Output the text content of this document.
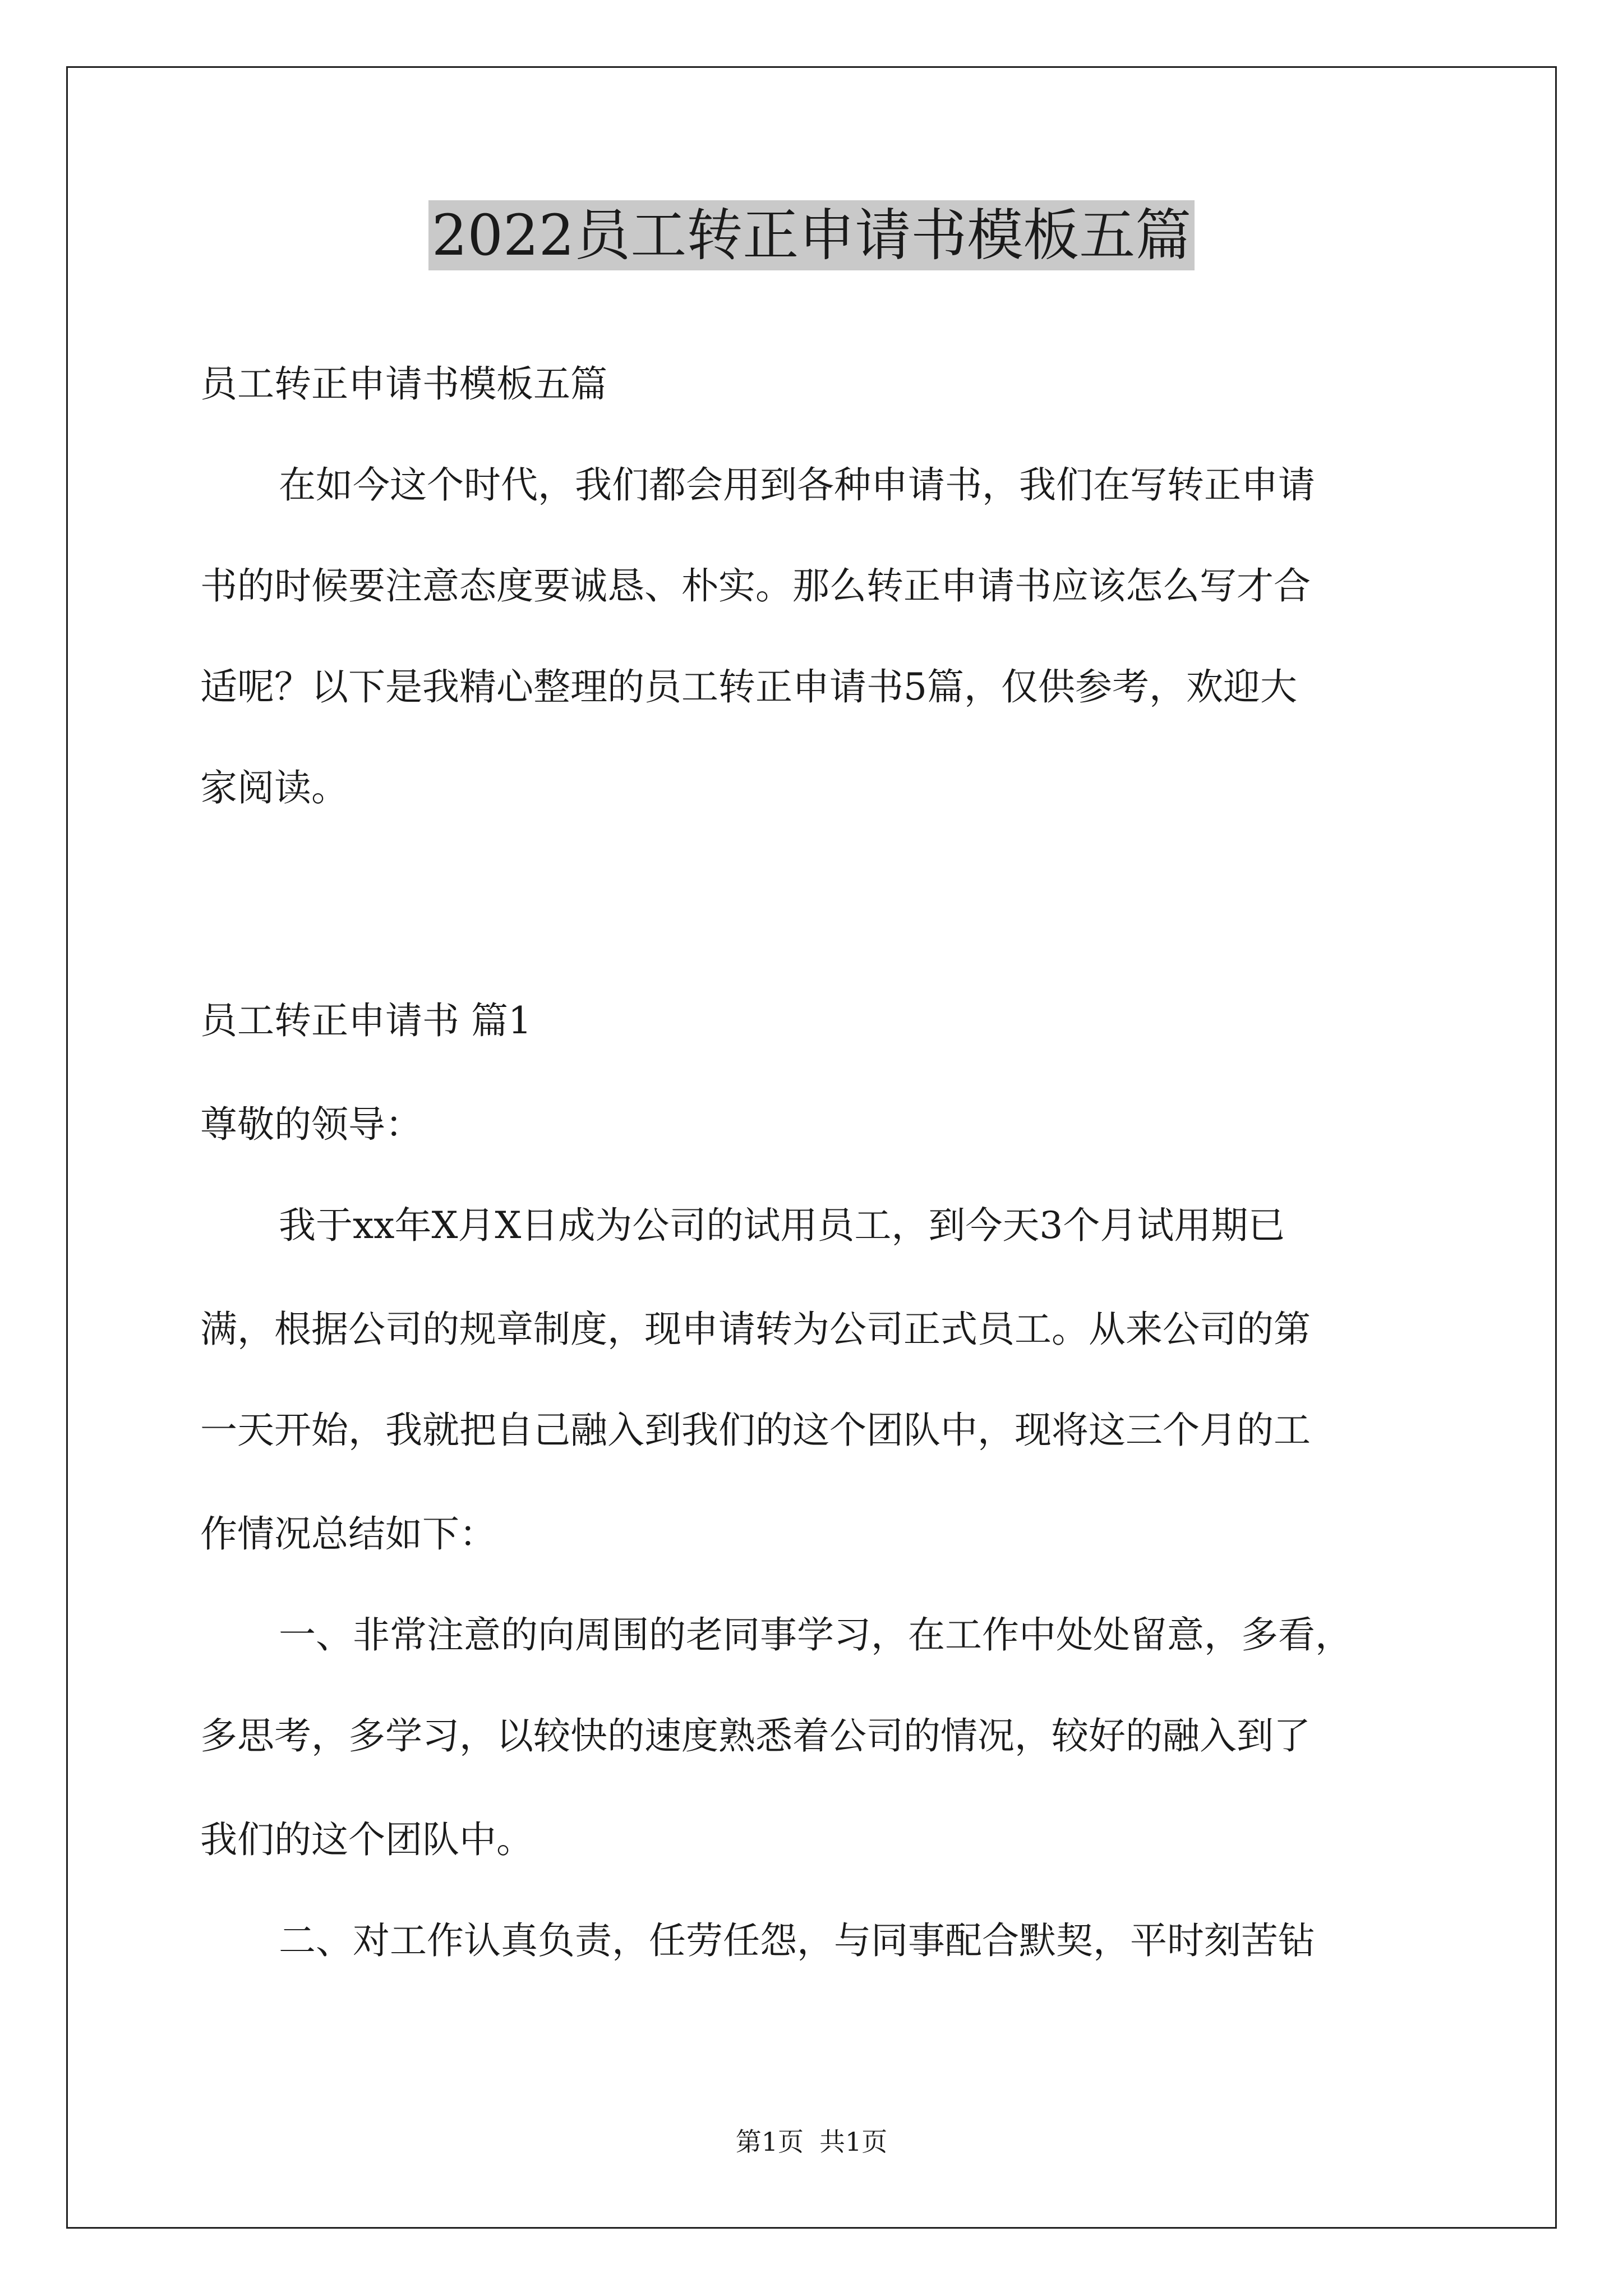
2022员工转正申请书模板五篇

员工转正申请书模板五篇

在如今这个时代，我们都会用到各种申请书，我们在写转正申请

书的时候要注意态度要诚恳、朴实。那么转正申请书应该怎么写才合

适呢？以下是我精心整理的员工转正申请书5篇，仅供参考，欢迎大

家阅读。

员工转正申请书 篇1

尊敬的领导：

我于xx年X月X日成为公司的试用员工，到今天3个月试用期已

满，根据公司的规章制度，现申请转为公司正式员工。从来公司的第

一天开始，我就把自己融入到我们的这个团队中，现将这三个月的工

作情况总结如下：

一、非常注意的向周围的老同事学习，在工作中处处留意，多看，

多思考，多学习，以较快的速度熟悉着公司的情况，较好的融入到了

我们的这个团队中。

二、对工作认真负责，任劳任怨，与同事配合默契，平时刻苦钻

第1页 共1页
